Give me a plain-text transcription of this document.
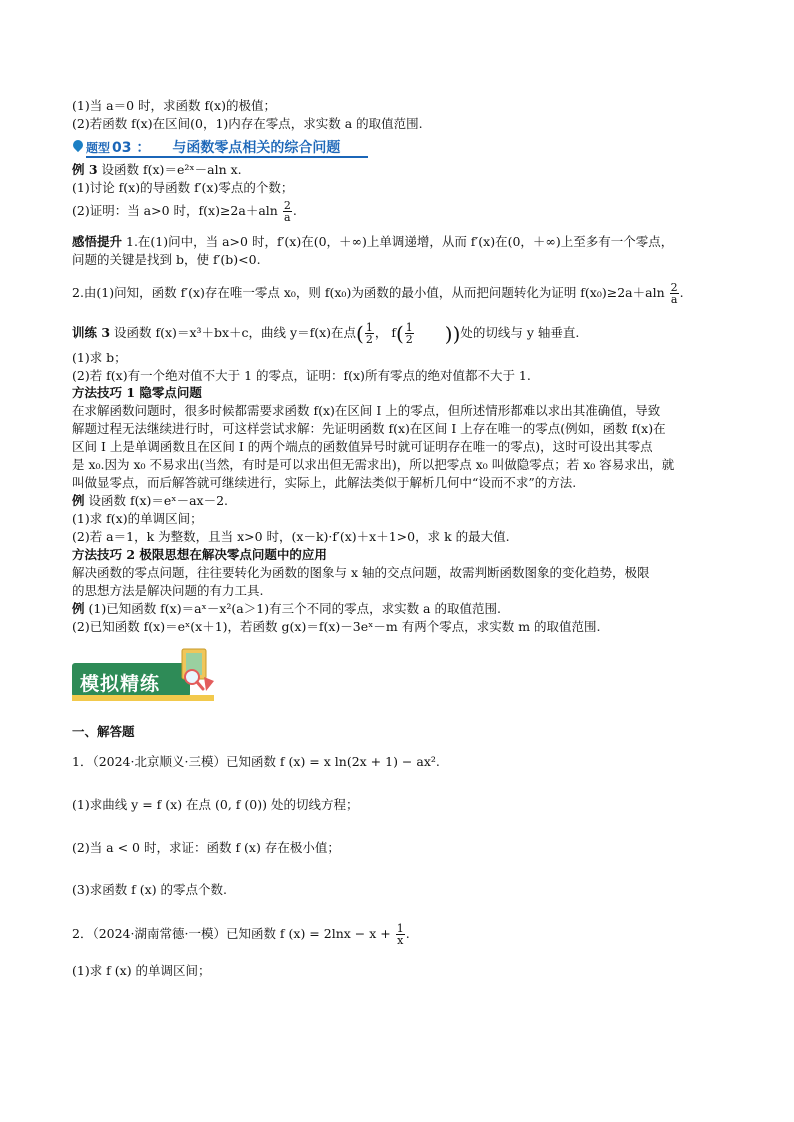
(1)当 a＝0 时，求函数 f(x)的极值；
(2)若函数 f(x)在区间(0，1)内存在零点，求实数 a 的取值范围.
题型 03 ： 与函数零点相关的综合问题
例 3 设函数 f(x)＝e²ˣ－aln x.
(1)讨论 f(x)的导函数 f′(x)零点的个数；
(2)证明：当 a>0 时，$f(x)\ge 2a+aln \frac{2}{a}$ .
感悟提升 1.在(1)问中，当 a>0 时，f′(x)在(0，＋∞)上单调递增，从而 f′(x)在(0，＋∞)上至多有一个零点，
问题的关键是找到 b，使 f′(b)<0.
2.由(1)问知，函数 f′(x)存在唯一零点 x₀，则 f(x₀)为函数的最小值，从而把问题转化为证明 $f(x_0)\ge 2a+aln \frac{2}{a}$ .
训练 3 设函数 f(x)＝x³＋bx＋c，曲线 y＝f(x)在点( $\frac{1}{2}$ ， $f( \frac{1}{2}$ ))处的切线与 y 轴垂直.
(1)求 b；
(2)若 f(x)有一个绝对值不大于 1 的零点，证明：f(x)所有零点的绝对值都不大于 1.
方法技巧 1 隐零点问题
在求解函数问题时，很多时候都需要求函数 f(x)在区间 I 上的零点，但所述情形都难以求出其准确值，导致
解题过程无法继续进行时，可这样尝试求解：先证明函数 f(x)在区间 I 上存在唯一的零点(例如，函数 f(x)在
区间 I 上是单调函数且在区间 I 的两个端点的函数值异号时就可证明存在唯一的零点)，这时可设出其零点
是 x₀.因为 x₀ 不易求出(当然，有时是可以求出但无需求出)，所以把零点 x₀ 叫做隐零点；若 x₀ 容易求出，就
叫做显零点，而后解答就可继续进行，实际上，此解法类似于解析几何中“设而不求”的方法.
例 设函数 f(x)＝eˣ－ax－2.
(1)求 f(x)的单调区间；
(2)若 a＝1，k 为整数，且当 x>0 时，(x－k)·f′(x)＋x＋1>0，求 k 的最大值.
方法技巧 2 极限思想在解决零点问题中的应用
解决函数的零点问题，往往要转化为函数的图象与 x 轴的交点问题，故需判断函数图象的变化趋势，极限
的思想方法是解决问题的有力工具.
例 (1)已知函数 f(x)＝aˣ－x²(a＞1)有三个不同的零点，求实数 a 的取值范围.
(2)已知函数 f(x)＝eˣ(x＋1)，若函数 g(x)＝f(x)－3eˣ－m 有两个零点，求实数 m 的取值范围.
模拟精练
一、解答题
1．（2024·北京顺义·三模）已知函数 f (x) = x ln(2x + 1) − ax².
(1)求曲线 y = f (x) 在点 (0, f (0)) 处的切线方程；
(2)当 a < 0 时，求证：函数 f (x) 存在极小值；
(3)求函数 f (x) 的零点个数.
2．（2024·湖南常德·一模）已知函数 f $(x) = 2\ln x - x + \frac{1}{x}$ .
(1)求 f (x) 的单调区间；
